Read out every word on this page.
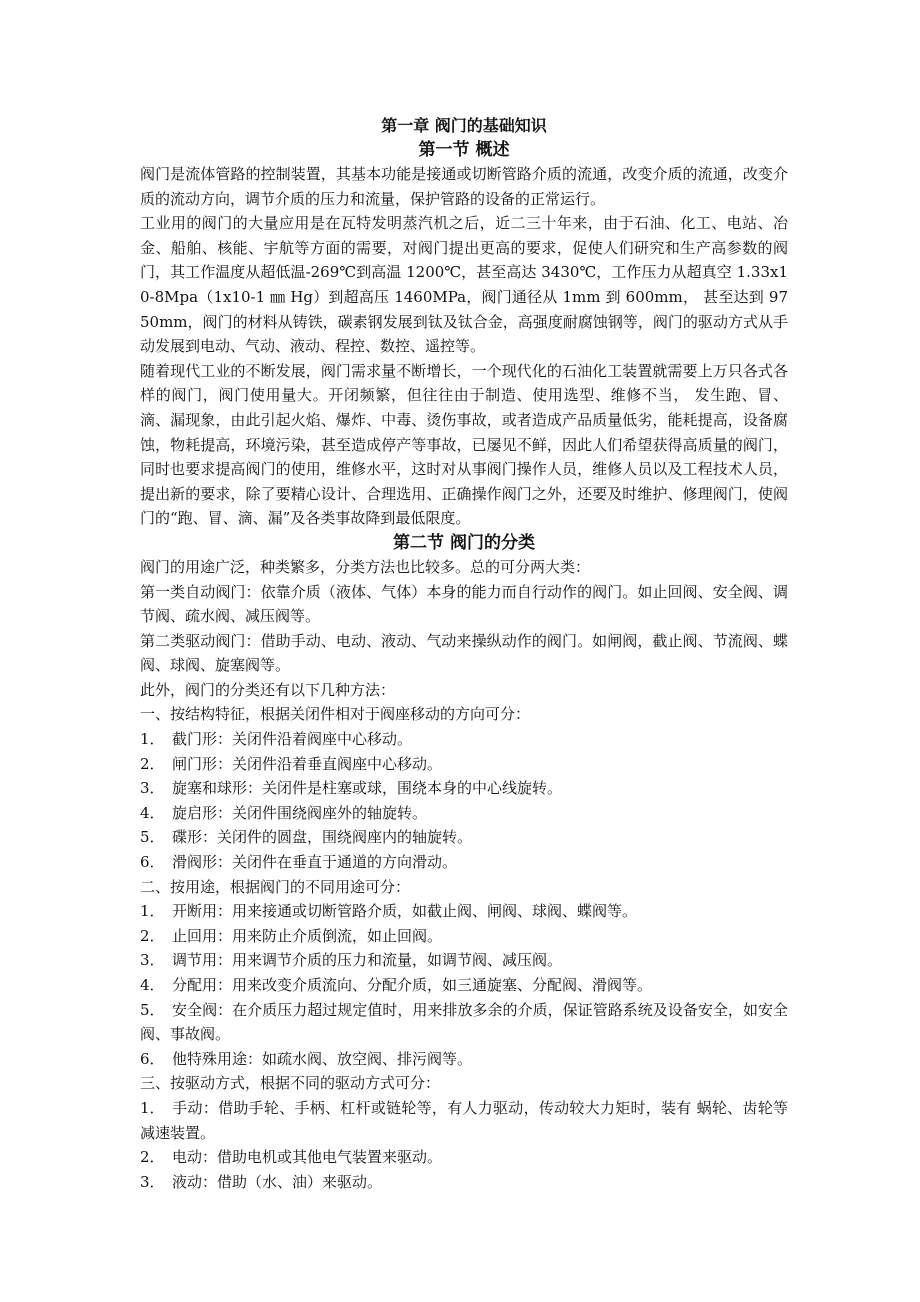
第一章 阀门的基础知识
第一节 概述

阀门是流体管路的控制装置，其基本功能是接通或切断管路介质的流通，改变介质的流通，改变介质的流动方向，调节介质的压力和流量，保护管路的设备的正常运行。

工业用的阀门的大量应用是在瓦特发明蒸汽机之后，近二三十年来，由于石油、化工、电站、冶金、船舶、核能、宇航等方面的需要，对阀门提出更高的要求，促使人们研究和生产高参数的阀门，其工作温度从超低温-269℃到高温 1200℃，甚至高达 3430℃，工作压力从超真空 1.33x10-8Mpa（1x10-1 ㎜ Hg）到超高压 1460MPa，阀门通径从 1mm 到 600mm， 甚至达到 9750mm，阀门的材料从铸铁，碳素钢发展到钛及钛合金，高强度耐腐蚀钢等，阀门的驱动方式从手动发展到电动、气动、液动、程控、数控、遥控等。

随着现代工业的不断发展，阀门需求量不断增长，一个现代化的石油化工装置就需要上万只各式各样的阀门，阀门使用量大。开闭频繁，但往往由于制造、使用选型、维修不当， 发生跑、冒、滴、漏现象，由此引起火焰、爆炸、中毒、烫伤事故，或者造成产品质量低劣，能耗提高，设备腐蚀，物耗提高，环境污染，甚至造成停产等事故，已屡见不鲜，因此人们希望获得高质量的阀门，同时也要求提高阀门的使用，维修水平，这时对从事阀门操作人员，维修人员以及工程技术人员，提出新的要求，除了要精心设计、合理选用、正确操作阀门之外，还要及时维护、修理阀门，使阀门的“跑、冒、滴、漏”及各类事故降到最低限度。

第二节 阀门的分类

阀门的用途广泛，种类繁多，分类方法也比较多。总的可分两大类：

第一类自动阀门：依靠介质（液体、气体）本身的能力而自行动作的阀门。如止回阀、安全阀、调节阀、疏水阀、减压阀等。

第二类驱动阀门：借助手动、电动、液动、气动来操纵动作的阀门。如闸阀，截止阀、节流阀、蝶阀、球阀、旋塞阀等。

此外，阀门的分类还有以下几种方法：

一、按结构特征，根据关闭件相对于阀座移动的方向可分：

1． 截门形：关闭件沿着阀座中心移动。
2． 闸门形：关闭件沿着垂直阀座中心移动。
3． 旋塞和球形：关闭件是柱塞或球，围绕本身的中心线旋转。
4． 旋启形：关闭件围绕阀座外的轴旋转。
5． 碟形：关闭件的圆盘，围绕阀座内的轴旋转。
6． 滑阀形：关闭件在垂直于通道的方向滑动。

二、按用途，根据阀门的不同用途可分：

1． 开断用：用来接通或切断管路介质，如截止阀、闸阀、球阀、蝶阀等。
2． 止回用：用来防止介质倒流，如止回阀。
3． 调节用：用来调节介质的压力和流量，如调节阀、减压阀。
4． 分配用：用来改变介质流向、分配介质，如三通旋塞、分配阀、滑阀等。
5． 安全阀：在介质压力超过规定值时，用来排放多余的介质，保证管路系统及设备安全，如安全阀、事故阀。
6． 他特殊用途：如疏水阀、放空阀、排污阀等。

三、按驱动方式，根据不同的驱动方式可分：

1． 手动：借助手轮、手柄、杠杆或链轮等，有人力驱动，传动较大力矩时，装有 蜗轮、齿轮等减速装置。
2． 电动：借助电机或其他电气装置来驱动。
3． 液动：借助（水、油）来驱动。
